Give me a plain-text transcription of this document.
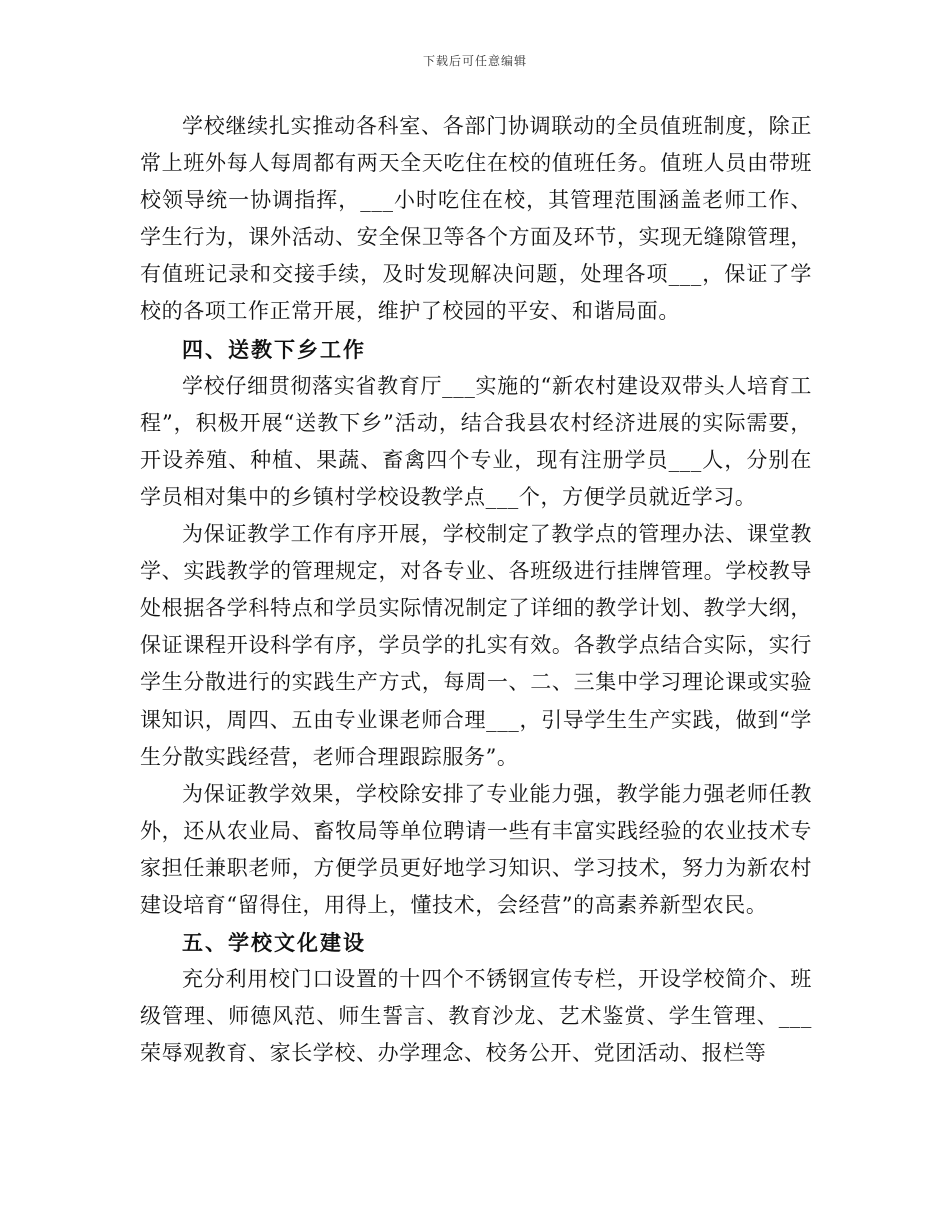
下载后可任意编辑

学校继续扎实推动各科室、各部门协调联动的全员值班制度，除正常上班外每人每周都有两天全天吃住在校的值班任务。值班人员由带班校领导统一协调指挥，___小时吃住在校，其管理范围涵盖老师工作、学生行为，课外活动、安全保卫等各个方面及环节，实现无缝隙管理，有值班记录和交接手续，及时发现解决问题，处理各项___，保证了学校的各项工作正常开展，维护了校园的平安、和谐局面。

四、送教下乡工作

学校仔细贯彻落实省教育厅___实施的“新农村建设双带头人培育工程”，积极开展“送教下乡”活动，结合我县农村经济进展的实际需要，开设养殖、种植、果蔬、畜禽四个专业，现有注册学员___人，分别在学员相对集中的乡镇村学校设教学点___个，方便学员就近学习。

为保证教学工作有序开展，学校制定了教学点的管理办法、课堂教学、实践教学的管理规定，对各专业、各班级进行挂牌管理。学校教导处根据各学科特点和学员实际情况制定了详细的教学计划、教学大纲，保证课程开设科学有序，学员学的扎实有效。各教学点结合实际，实行学生分散进行的实践生产方式，每周一、二、三集中学习理论课或实验课知识，周四、五由专业课老师合理___，引导学生生产实践，做到“学生分散实践经营，老师合理跟踪服务”。

为保证教学效果，学校除安排了专业能力强，教学能力强老师任教外，还从农业局、畜牧局等单位聘请一些有丰富实践经验的农业技术专家担任兼职老师，方便学员更好地学习知识、学习技术，努力为新农村建设培育“留得住，用得上，懂技术，会经营”的高素养新型农民。

五、学校文化建设

充分利用校门口设置的十四个不锈钢宣传专栏，开设学校简介、班级管理、师德风范、师生誓言、教育沙龙、艺术鉴赏、学生管理、___荣辱观教育、家长学校、办学理念、校务公开、党团活动、报栏等
